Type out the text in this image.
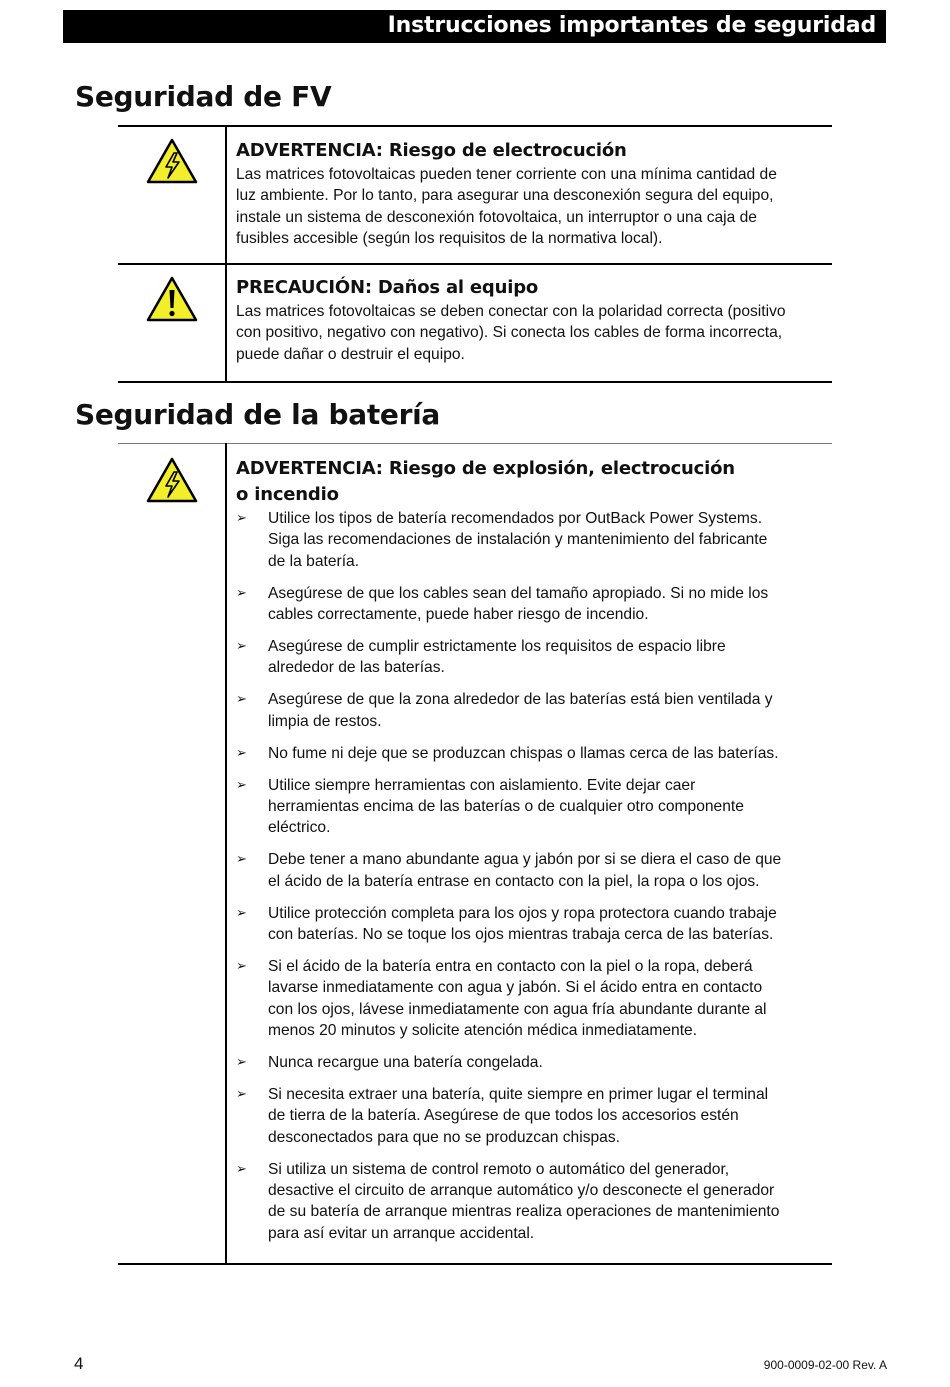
Instrucciones importantes de seguridad
Seguridad de FV

ADVERTENCIA: Riesgo de electrocución

Las matrices fotovoltaicas pueden tener corriente con una mínima cantidad de
luz ambiente. Por lo tanto, para asegurar una desconexión segura del equipo,
instale un sistema de desconexión fotovoltaica, un interruptor o una caja de
fusibles accesible (según los requisitos de la normativa local).

PRECAUCIÓN: Daños al equipo

Las matrices fotovoltaicas se deben conectar con la polaridad correcta (positivo
con positivo, negativo con negativo). Si conecta los cables de forma incorrecta,
puede dañar o destruir el equipo.

Seguridad de la batería

ADVERTENCIA: Riesgo de explosión, electrocución
o incendio

➢ Utilice los tipos de batería recomendados por OutBack Power Systems.
Siga las recomendaciones de instalación y mantenimiento del fabricante
de la batería.
➢ Asegúrese de que los cables sean del tamaño apropiado. Si no mide los
cables correctamente, puede haber riesgo de incendio.
➢ Asegúrese de cumplir estrictamente los requisitos de espacio libre
alrededor de las baterías.
➢ Asegúrese de que la zona alrededor de las baterías está bien ventilada y
limpia de restos.
➢ No fume ni deje que se produzcan chispas o llamas cerca de las baterías.
➢ Utilice siempre herramientas con aislamiento. Evite dejar caer
herramientas encima de las baterías o de cualquier otro componente
eléctrico.
➢ Debe tener a mano abundante agua y jabón por si se diera el caso de que
el ácido de la batería entrase en contacto con la piel, la ropa o los ojos.
➢ Utilice protección completa para los ojos y ropa protectora cuando trabaje
con baterías. No se toque los ojos mientras trabaja cerca de las baterías.
➢ Si el ácido de la batería entra en contacto con la piel o la ropa, deberá
lavarse inmediatamente con agua y jabón. Si el ácido entra en contacto
con los ojos, lávese inmediatamente con agua fría abundante durante al
menos 20 minutos y solicite atención médica inmediatamente.
➢ Nunca recargue una batería congelada.
➢ Si necesita extraer una batería, quite siempre en primer lugar el terminal
de tierra de la batería. Asegúrese de que todos los accesorios estén
desconectados para que no se produzcan chispas.
➢ Si utiliza un sistema de control remoto o automático del generador,
desactive el circuito de arranque automático y/o desconecte el generador
de su batería de arranque mientras realiza operaciones de mantenimiento
para así evitar un arranque accidental.
4	900-0009-02-00 Rev. A
